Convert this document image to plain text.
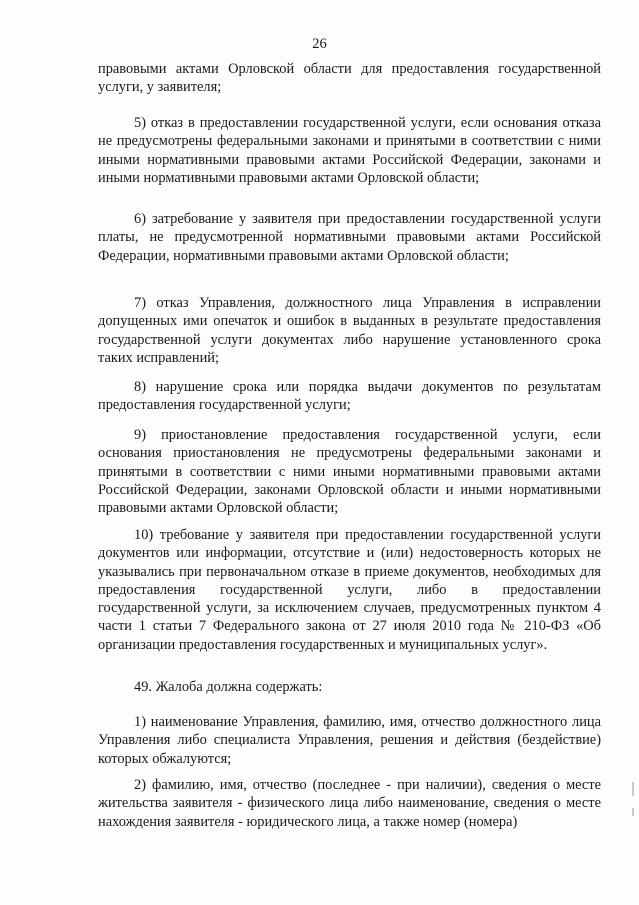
26

правовыми актами Орловской области для предоставления государственной услуги, у заявителя;

5) отказ в предоставлении государственной услуги, если основания отказа не предусмотрены федеральными законами и принятыми в соответствии с ними иными нормативными правовыми актами Российской Федерации, законами и иными нормативными правовыми актами Орловской области;

6) затребование у заявителя при предоставлении государственной услуги платы, не предусмотренной нормативными правовыми актами Российской Федерации, нормативными правовыми актами Орловской области;

7) отказ Управления, должностного лица Управления в исправлении допущенных ими опечаток и ошибок в выданных в результате предоставления государственной услуги документах либо нарушение установленного срока таких исправлений;

8) нарушение срока или порядка выдачи документов по результатам предоставления государственной услуги;

9) приостановление предоставления государственной услуги, если основания приостановления не предусмотрены федеральными законами и принятыми в соответствии с ними иными нормативными правовыми актами Российской Федерации, законами Орловской области и иными нормативными правовыми актами Орловской области;

10) требование у заявителя при предоставлении государственной услуги документов или информации, отсутствие и (или) недостоверность которых не указывались при первоначальном отказе в приеме документов, необходимых для предоставления государственной услуги, либо в предоставлении государственной услуги, за исключением случаев, предусмотренных пунктом 4 части 1 статьи 7 Федерального закона от 27 июля 2010 года № 210-ФЗ «Об организации предоставления государственных и муниципальных услуг».

49. Жалоба должна содержать:

1) наименование Управления, фамилию, имя, отчество должностного лица Управления либо специалиста Управления, решения и действия (бездействие) которых обжалуются;

2) фамилию, имя, отчество (последнее - при наличии), сведения о месте жительства заявителя - физического лица либо наименование, сведения о месте нахождения заявителя - юридического лица, а также номер (номера)
